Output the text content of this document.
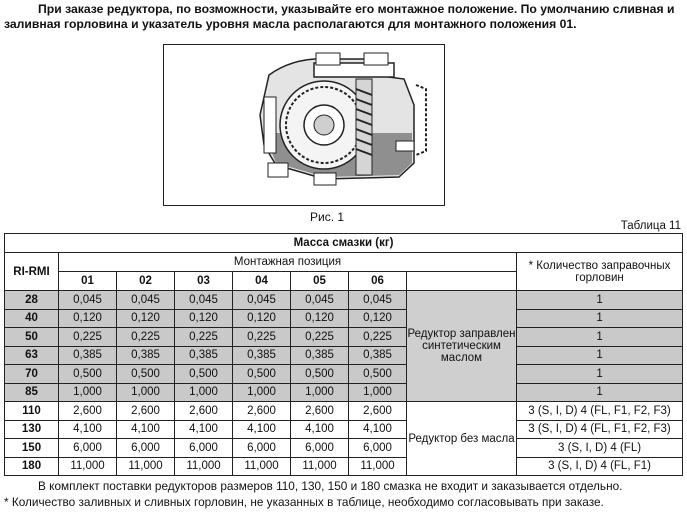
При заказе редуктора, по возможности, указывайте его монтажное положение. По умолчанию сливная и заливная горловина и указатель уровня масла располагаются для монтажного положения 01.
Рис. 1
Таблица 11
Масса смазки (кг)								
RI-RMI	Монтажная позиция							* Количество заправочных горловин
	01	02	03	04	05	06		
28	0,045	0,045	0,045	0,045	0,045	0,045	Редуктор заправлен синтетическим маслом	1
40	0,120	0,120	0,120	0,120	0,120	0,120		1
50	0,225	0,225	0,225	0,225	0,225	0,225		1
63	0,385	0,385	0,385	0,385	0,385	0,385		1
70	0,500	0,500	0,500	0,500	0,500	0,500		1
85	1,000	1,000	1,000	1,000	1,000	1,000		1
110	2,600	2,600	2,600	2,600	2,600	2,600	Редуктор без масла	3 (S, I, D) 4 (FL, F1, F2, F3)
130	4,100	4,100	4,100	4,100	4,100	4,100		3 (S, I, D) 4 (FL, F1, F2, F3)
150	6,000	6,000	6,000	6,000	6,000	6,000		3 (S, I, D) 4 (FL)
180	11,000	11,000	11,000	11,000	11,000	11,000		3 (S, I, D) 4 (FL, F1)
В комплект поставки редукторов размеров 110, 130, 150 и 180 смазка не входит и заказывается отдельно.
* Количество заливных и сливных горловин, не указанных в таблице, необходимо согласовывать при заказе.
